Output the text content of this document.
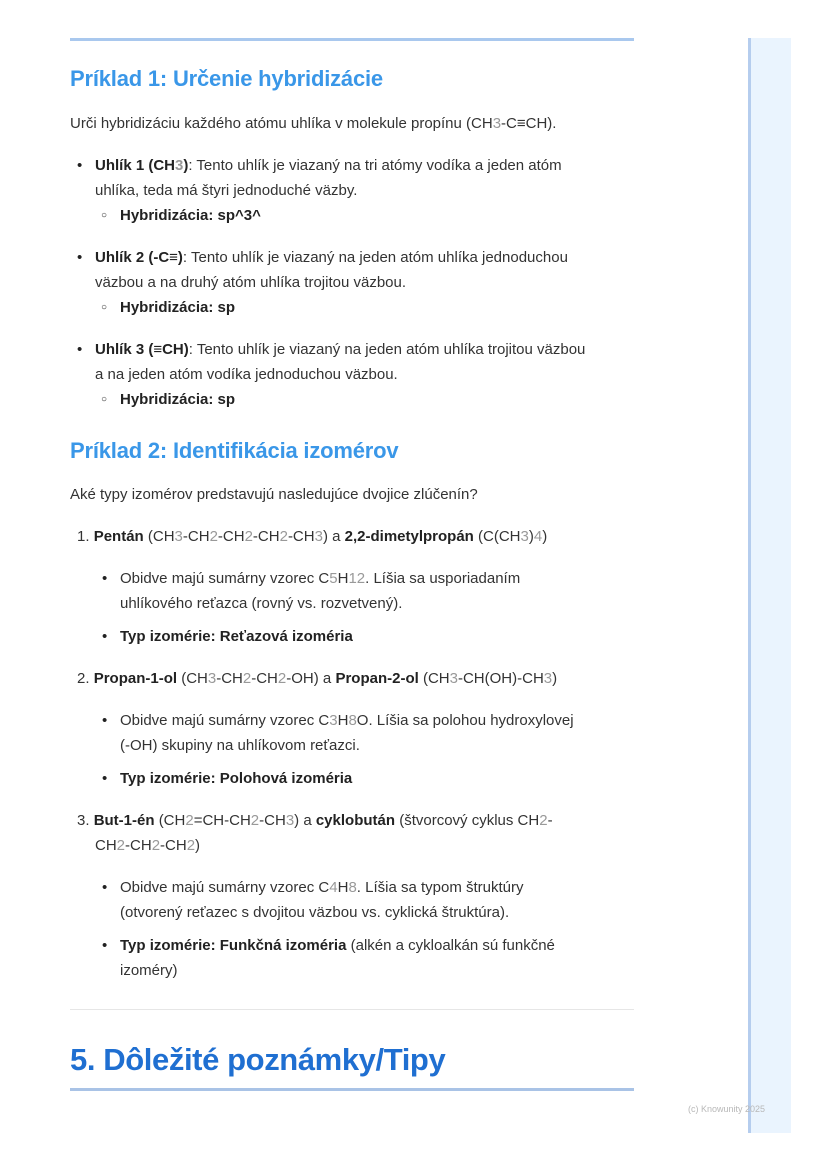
Príklad 1: Určenie hybridizácie

Urči hybridizáciu každého atómu uhlíka v molekule propínu (CH3-C≡CH).

• Uhlík 1 (CH3): Tento uhlík je viazaný na tri atómy vodíka a jeden atóm
uhlíka, teda má štyri jednoduché väzby.
○ Hybridizácia: sp^3^
• Uhlík 2 (-C≡): Tento uhlík je viazaný na jeden atóm uhlíka jednoduchou
väzbou a na druhý atóm uhlíka trojitou väzbou.
○ Hybridizácia: sp
• Uhlík 3 (≡CH): Tento uhlík je viazaný na jeden atóm uhlíka trojitou väzbou
a na jeden atóm vodíka jednoduchou väzbou.
○ Hybridizácia: sp
Príklad 2: Identifikácia izomérov

Aké typy izomérov predstavujú nasledujúce dvojice zlúčenín?

1. Pentán (CH3-CH2-CH2-CH2-CH3) a 2,2-dimetylpropán (C(CH3)4)
• Obidve majú sumárny vzorec C5H12. Líšia sa usporiadaním
uhlíkového reťazca (rovný vs. rozvetvený).
• Typ izomérie: Reťazová izoméria
2. Propan-1-ol (CH3-CH2-CH2-OH) a Propan-2-ol (CH3-CH(OH)-CH3)
• Obidve majú sumárny vzorec C3H8O. Líšia sa polohou hydroxylovej
(-OH) skupiny na uhlíkovom reťazci.
• Typ izomérie: Polohová izoméria
3. But-1-én (CH2=CH-CH2-CH3) a cyklobután (štvorcový cyklus CH2-
CH2-CH2-CH2)
• Obidve majú sumárny vzorec C4H8. Líšia sa typom štruktúry
(otvorený reťazec s dvojitou väzbou vs. cyklická štruktúra).
• Typ izomérie: Funkčná izoméria (alkén a cykloalkán sú funkčné
izoméry)
5. Dôležité poznámky/Tipy
(c) Knowunity 2025
